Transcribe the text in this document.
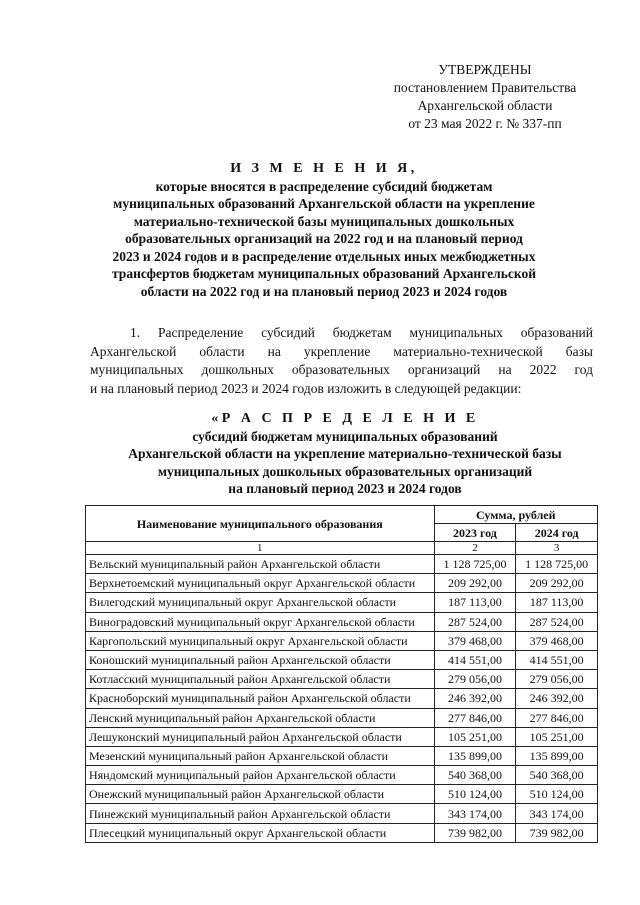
УТВЕРЖДЕНЫ
постановлением Правительства
Архангельской области
от 23 мая 2022 г. № 337-пп
И З М Е Н Е Н И Я,
которые вносятся в распределение субсидий бюджетам
муниципальных образований Архангельской области на укрепление
материально-технической базы муниципальных дошкольных
образовательных организаций на 2022 год и на плановый период
2023 и 2024 годов и в распределение отдельных иных межбюджетных
трансфертов бюджетам муниципальных образований Архангельской
области на 2022 год и на плановый период 2023 и 2024 годов
1. Распределение субсидий бюджетам муниципальных образований
Архангельской области на укрепление материально-технической базы
муниципальных дошкольных образовательных организаций на 2022 год
и на плановый период 2023 и 2024 годов изложить в следующей редакции:
«Р А С П Р Е Д Е Л Е Н И Е
субсидий бюджетам муниципальных образований
Архангельской области на укрепление материально-технической базы
муниципальных дошкольных образовательных организаций
на плановый период 2023 и 2024 годов
Наименование муниципального образования	Сумма, рублей	
	2023 год	2024 год
1	2	3
Вельский муниципальный район Архангельской области	1 128 725,00	1 128 725,00
Верхнетоемский муниципальный округ Архангельской области	209 292,00	209 292,00
Вилегодский муниципальный округ Архангельской области	187 113,00	187 113,00
Виноградовский муниципальный округ Архангельской области	287 524,00	287 524,00
Каргопольский муниципальный округ Архангельской области	379 468,00	379 468,00
Коношский муниципальный район Архангельской области	414 551,00	414 551,00
Котласский муниципальный район Архангельской области	279 056,00	279 056,00
Красноборский муниципальный район Архангельской области	246 392,00	246 392,00
Ленский муниципальный район Архангельской области	277 846,00	277 846,00
Лешуконский муниципальный район Архангельской области	105 251,00	105 251,00
Мезенский муниципальный район Архангельской области	135 899,00	135 899,00
Няндомский муниципальный район Архангельской области	540 368,00	540 368,00
Онежский муниципальный район Архангельской области	510 124,00	510 124,00
Пинежский муниципальный район Архангельской области	343 174,00	343 174,00
Плесецкий муниципальный округ Архангельской области	739 982,00	739 982,00
